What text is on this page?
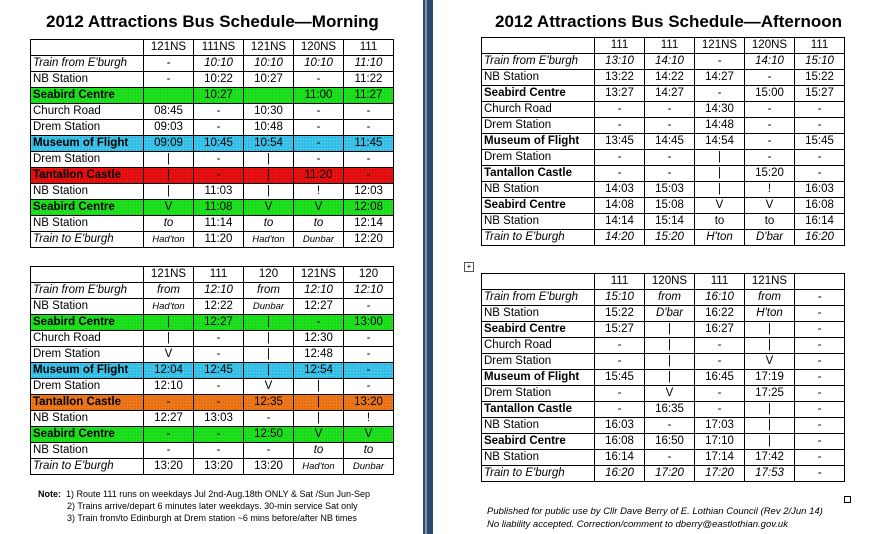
2012 Attractions Bus Schedule—Morning
	121NS	111NS	121NS	120NS	111
Train from E'burgh	-	10:10	10:10	10:10	11:10
NB Station	-	10:22	10:27	-	11:22
Seabird Centre		10:27		11:00	11:27
Church Road	08:45	-	10:30	-	-
Drem Station	09:03	-	10:48	-	-
Museum of Flight	09:09	10:45	10:54	-	11:45
Drem Station	|	-	|	-	-
Tantallon Castle	|	-	|	11:20	-
NB Station	|	11:03	|	!	12:03
Seabird Centre	V	11:08	V	V	12:08
NB Station	to	11:14	to	to	12:14
Train to E'burgh	Had'ton	11:20	Had'ton	Dunbar	12:20
	121NS	111	120	121NS	120
Train from E'burgh	from	12:10	from	12:10	12:10
NB Station	Had'ton	12:22	Dunbar	12:27	-
Seabird Centre	|	12:27	|	-	13:00
Church Road	|	-	|	12:30	-
Drem Station	V	-	|	12:48	-
Museum of Flight	12:04	12:45	|	12:54	-
Drem Station	12:10	-	V	|	-
Tantallon Castle	-	-	12:35	|	13:20
NB Station	12:27	13:03	-	|	!
Seabird Centre	-	-	12:50	V	V
NB Station	-	-	-	to	to
Train to E'burgh	13:20	13:20	13:20	Had'ton	Dunbar
Note: 1) Route 111 runs on weekdays Jul 2nd-Aug.18th ONLY & Sat /Sun Jun-Sep
2) Trains arrive/depart 6 minutes later weekdays. 30-min service Sat only
3) Train from/to Edinburgh at Drem station ~6 mins before/after NB times
2012 Attractions Bus Schedule—Afternoon
	111	111	121NS	120NS	111
Train from E'burgh	13:10	14:10	-	14:10	15:10
NB Station	13:22	14:22	14:27	-	15:22
Seabird Centre	13:27	14:27	-	15:00	15:27
Church Road	-	-	14:30	-	-
Drem Station	-	-	14:48	-	-
Museum of Flight	13:45	14:45	14:54	-	15:45
Drem Station	-	-	|	-	-
Tantallon Castle	-	-	|	15:20	-
NB Station	14:03	15:03	|	!	16:03
Seabird Centre	14:08	15:08	V	V	16:08
NB Station	14:14	15:14	to	to	16:14
Train to E'burgh	14:20	15:20	H'ton	D'bar	16:20
+
	111	120NS	111	121NS	
Train from E'burgh	15:10	from	16:10	from	-
NB Station	15:22	D'bar	16:22	H'ton	-
Seabird Centre	15:27	|	16:27	|	-
Church Road	-	|	-	|	-
Drem Station	-	|	-	V	-
Museum of Flight	15:45	|	16:45	17:19	-
Drem Station	-	V	-	17:25	-
Tantallon Castle	-	16:35	-	|	-
NB Station	16:03	-	17:03	|	-
Seabird Centre	16:08	16:50	17:10	|	-
NB Station	16:14	-	17:14	17:42	-
Train to E'burgh	16:20	17:20	17:20	17:53	-
Published for public use by Cllr Dave Berry of E. Lothian Council (Rev 2/Jun 14)
No liability accepted. Correction/comment to dberry@eastlothian.gov.uk
